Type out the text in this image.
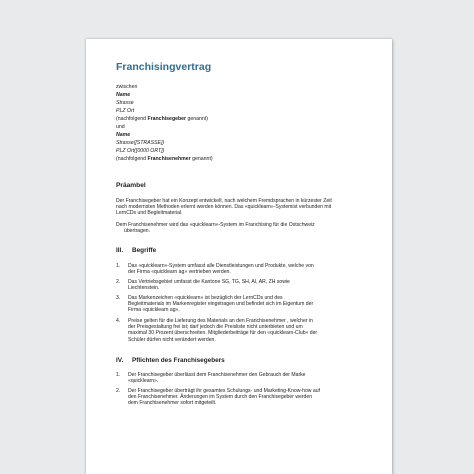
Franchisingvertrag
zwischen
Name
Strasse
PLZ Ort
(nachfolgend Franchisegeber genannt)
und
Name
Strasse([STRASSE])
PLZ Ort([0000 ORT])
(nachfolgend Franchisenehmer genannt)
Präambel
Der Franchisegeber hat ein Konzept entwickelt, nach welchem Fremdsprachen in kürzester Zeit
nach modernsten Methoden erlernt werden können. Das «quicklearn»-Systemist verbunden mit
LernCDs und Begleitmaterial.
Dem Franchisenehmer wird das «quicklearn»-System im Franchising für die Ostschweiz
übertragen.
III. Begriffe
1. Das «quicklearn»-System umfasst alle Dienstleistungen und Produkte, welche von
der Firma «quicklearn ag» vertrieben werden.
2. Das Vertriebsgebiet umfasst die Kantone SG, TG, SH, AI, AR, ZH sowie
Liechtenstein.
3. Das Markenzeichen «quicklearn» ist bezüglich der LernCDs und des
Begleitmaterials im Markenregister eingetragen und befindet sich im Eigentum der
Firma «quicklearn ag».
4. Preise gelten für die Lieferung des Materials an den Franchisenehmer , welcher in
der Preisgestaltung frei ist; darf jedoch die Preisliste nicht unterbieten und um
maximal 30 Prozent überschreiten. Mitgliederbeiträge für den «quicklearn-Club» der
Schüler dürfen nicht verändert werden.
IV. Pflichten des Franchisegebers
1. Der Franchisegeber überlässt dem Franchisenehmer den Gebrauch der Marke
«quicklearn».
2. Der Franchisegeber überträgt ihr gesamtes Schulungs- und Marketing-Know-how auf
den Franchisenehmer. Änderungen im System durch den Franchisegeber werden
dem Franchisenehmer sofort mitgeteilt.
